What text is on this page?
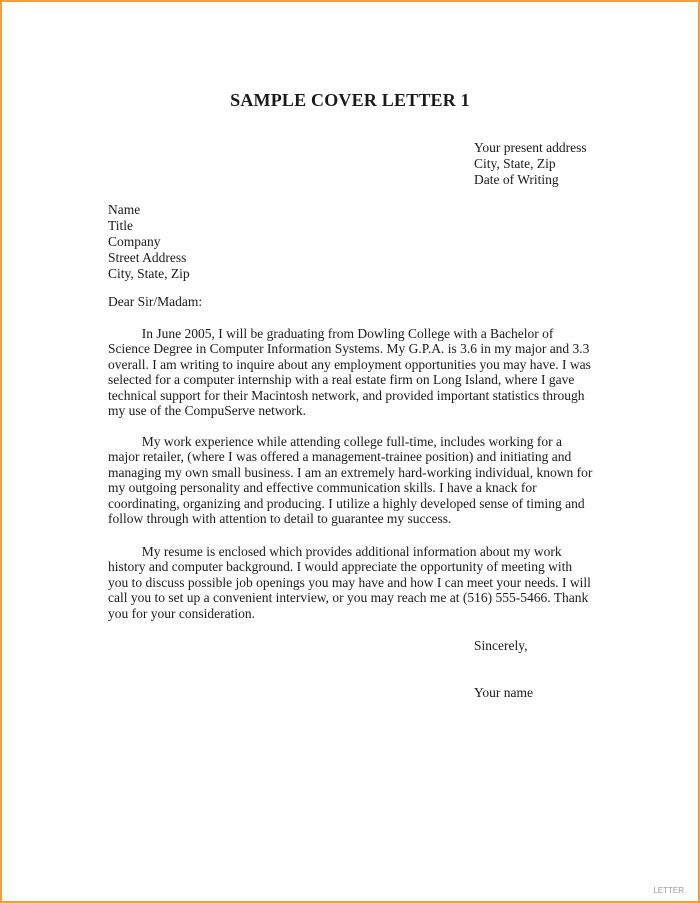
SAMPLE COVER LETTER 1
Your present address
City, State, Zip
Date of Writing
Name
Title
Company
Street Address
City, State, Zip
Dear Sir/Madam:
In June 2005, I will be graduating from Dowling College with a Bachelor of
Science Degree in Computer Information Systems. My G.P.A. is 3.6 in my major and 3.3
overall. I am writing to inquire about any employment opportunities you may have. I was
selected for a computer internship with a real estate firm on Long Island, where I gave
technical support for their Macintosh network, and provided important statistics through
my use of the CompuServe network.
My work experience while attending college full-time, includes working for a
major retailer, (where I was offered a management-trainee position) and initiating and
managing my own small business. I am an extremely hard-working individual, known for
my outgoing personality and effective communication skills. I have a knack for
coordinating, organizing and producing. I utilize a highly developed sense of timing and
follow through with attention to detail to guarantee my success.
My resume is enclosed which provides additional information about my work
history and computer background. I would appreciate the opportunity of meeting with
you to discuss possible job openings you may have and how I can meet your needs. I will
call you to set up a convenient interview, or you may reach me at (516) 555-5466. Thank
you for your consideration.
Sincerely,
Your name
LETTER
